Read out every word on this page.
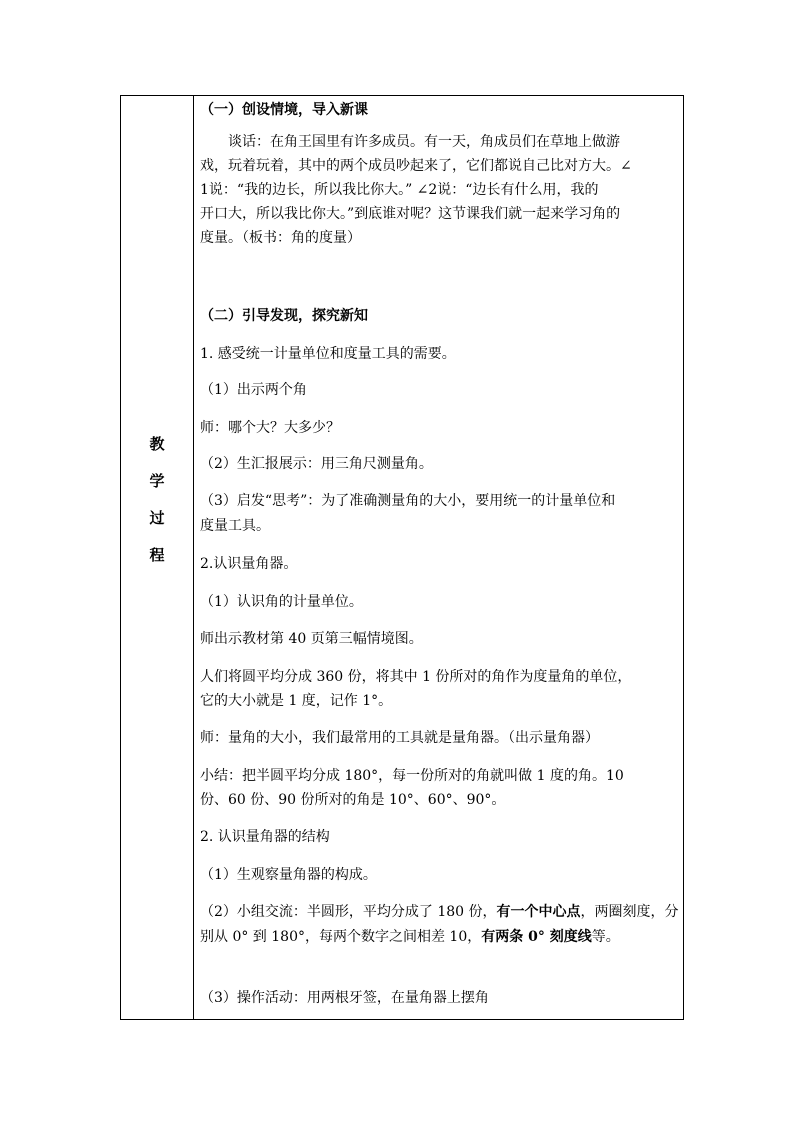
教
学
过
程
（一）创设情境，导入新课
谈话：在角王国里有许多成员。有一天，角成员们在草地上做游
戏，玩着玩着，其中的两个成员吵起来了，它们都说自己比对方大。∠
1说：“我的边长，所以我比你大。” ∠2说：“边长有什么用，我的
开口大，所以我比你大。”到底谁对呢？这节课我们就一起来学习角的
度量。（板书：角的度量）
（二）引导发现，探究新知
1. 感受统一计量单位和度量工具的需要。
（1）出示两个角
师：哪个大？大多少？
（2）生汇报展示：用三角尺测量角。
（3）启发“思考”：为了准确测量角的大小，要用统一的计量单位和
度量工具。
2.认识量角器。
（1）认识角的计量单位。
师出示教材第 40 页第三幅情境图。
人们将圆平均分成 360 份，将其中 1 份所对的角作为度量角的单位，
它的大小就是 1 度，记作 1°。
师：量角的大小，我们最常用的工具就是量角器。（出示量角器）
小结：把半圆平均分成 180°，每一份所对的角就叫做 1 度的角。10
份、60 份、90 份所对的角是 10°、60°、90°。
2. 认识量角器的结构
（1）生观察量角器的构成。
（2）小组交流：半圆形，平均分成了 180 份，有一个中心点，两圈刻度，分别从 0° 到 180°，每两个数字之间相差 10，有两条 0° 刻度线等。
（3）操作活动：用两根牙签，在量角器上摆角
